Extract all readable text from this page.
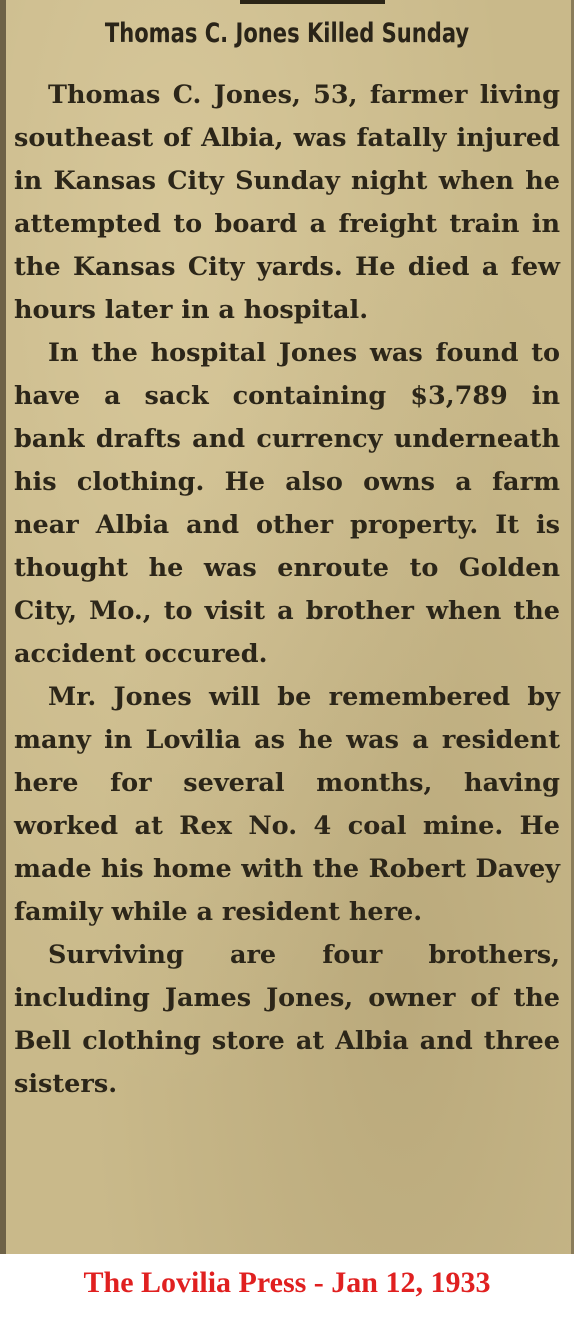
Thomas C. Jones Killed Sunday

Thomas C. Jones, 53, farmer living southeast of Albia, was fatally injured in Kansas City Sunday night when he attempted to board a freight train in the Kansas City yards. He died a few hours later in a hospital.

In the hospital Jones was found to have a sack containing $3,789 in bank drafts and currency underneath his clothing. He also owns a farm near Albia and other property. It is thought he was enroute to Golden City, Mo., to visit a brother when the accident occured.

Mr. Jones will be remembered by many in Lovilia as he was a resident here for several months, having worked at Rex No. 4 coal mine. He made his home with the Robert Davey family while a resident here.

Surviving are four brothers, including James Jones, owner of the Bell clothing store at Albia and three sisters.

The Lovilia Press - Jan 12, 1933
